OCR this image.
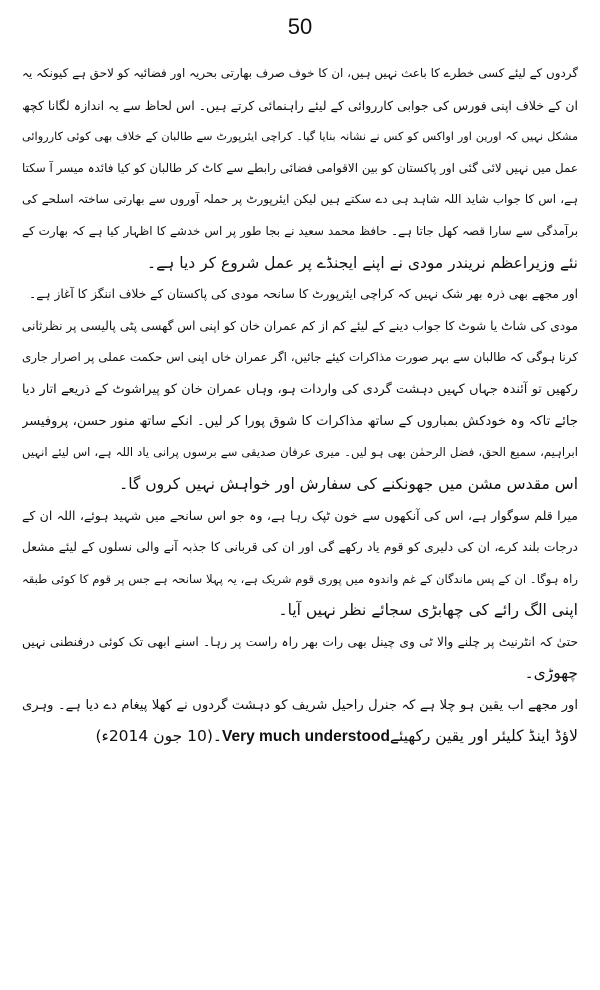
50
گردوں کے لیئے کسی خطرے کا باعث نہیں ہیں، ان کا خوف صرف بھارتی بحریہ اور فضائیہ کو لاحق ہے کیونکہ یہ
ان کے خلاف اپنی فورس کی جوابی کارروائی کے لیئے راہنمائی کرتے ہیں۔ اس لحاظ سے یہ اندازہ لگانا کچھ
مشکل نہیں کہ اورین اور اواکس کو کس نے نشانہ بنایا گیا۔ کراچی ایئرپورٹ سے طالبان کے خلاف بھی کوئی کارروائی
عمل میں نہیں لائی گئی اور پاکستان کو بین الاقوامی فضائی رابطے سے کاٹ کر طالبان کو کیا فائدہ میسر آ سکتا
ہے، اس کا جواب شاید اللہ شاہد ہی دے سکتے ہیں لیکن ایئرپورٹ پر حملہ آوروں سے بھارتی ساختہ اسلحے کی
برآمدگی سے سارا قصہ کھل جاتا ہے۔ حافظ محمد سعید نے بجا طور پر اس خدشے کا اظہار کیا ہے کہ بھارت کے
نئے وزیراعظم نریندر مودی نے اپنے ایجنڈے پر عمل شروع کر دیا ہے۔
اور مجھے بھی ذرہ بھر شک نہیں کہ کراچی ایئرپورٹ کا سانحہ مودی کی پاکستان کے خلاف اننگز کا آغاز ہے۔
مودی کی شاٹ یا شوٹ کا جواب دینے کے لیئے کم از کم عمران خان کو اپنی اس گھسی پٹی پالیسی پر نظرثانی
کرنا ہوگی کہ طالبان سے بہر صورت مذاکرات کیئے جائیں، اگر عمران خاں اپنی اس حکمت عملی پر اصرار جاری
رکھیں تو آئندہ جہاں کہیں دہشت گردی کی واردات ہو، وہاں عمران خان کو پیراشوٹ کے ذریعے اتار دیا
جائے تاکہ وہ خودکش بمباروں کے ساتھ مذاکرات کا شوق پورا کر لیں۔ انکے ساتھ منور حسن، پروفیسر
ابراہیم، سمیع الحق، فضل الرحمٰن بھی ہو لیں۔ میری عرفان صدیقی سے برسوں پرانی یاد اللہ ہے، اس لیئے انہیں
اس مقدس مشن میں جھونکنے کی سفارش اور خواہش نہیں کروں گا۔
میرا قلم سوگوار ہے، اس کی آنکھوں سے خون ٹپک رہا ہے، وہ جو اس سانحے میں شہید ہوئے، اللہ ان کے
درجات بلند کرے، ان کی دلیری کو قوم یاد رکھے گی اور ان کی قربانی کا جذبہ آنے والی نسلوں کے لیئے مشعل
راہ ہوگا۔ ان کے پس ماندگان کے غم واندوہ میں پوری قوم شریک ہے، یہ پہلا سانحہ ہے جس پر قوم کا کوئی طبقہ
اپنی الگ رائے کی چھابڑی سجائے نظر نہیں آیا۔
حتیٰ کہ انٹرنیٹ پر چلنے والا ٹی وی چینل بھی رات بھر راہ راست پر رہا۔ اسنے ابھی تک کوئی درفنطنی نہیں
چھوڑی۔
اور مجھے اب یقین ہو چلا ہے کہ جنرل راحیل شریف کو دہشت گردوں نے کھلا پیغام دے دیا ہے۔ وہری
لاؤڈ اینڈ کلیئر اور یقین رکھیئےVery much understood۔(10 جون 2014ء)
